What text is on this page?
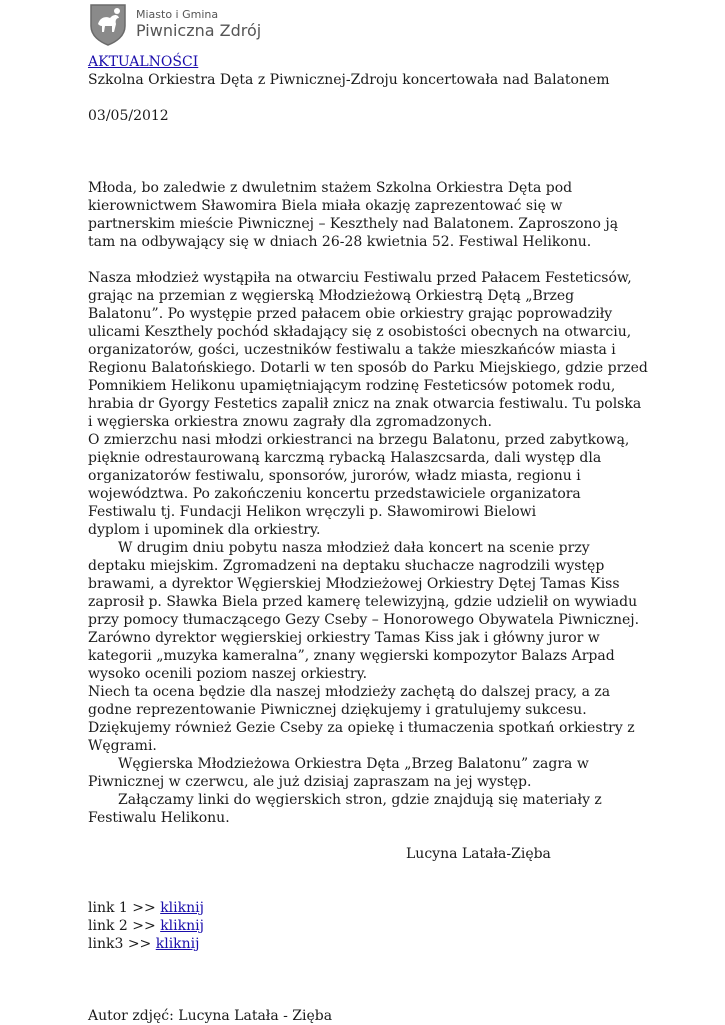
Miasto i Gmina
Piwniczna Zdrój
AKTUALNOŚCI

Szkolna Orkiestra Dęta z Piwnicznej-Zdroju koncertowała nad Balatonem

03/05/2012

Młoda, bo zaledwie z dwuletnim stażem Szkolna Orkiestra Dęta pod kierownictwem Sławomira Biela miała okazję zaprezentować się w partnerskim mieście Piwnicznej – Keszthely nad Balatonem. Zaproszono ją tam na odbywający się w dniach 26-28 kwietnia 52. Festiwal Helikonu.

Nasza młodzież wystąpiła na otwarciu Festiwalu przed Pałacem Festeticsów, grając na przemian z węgierską Młodzieżową Orkiestrą Dętą „Brzeg Balatonu”. Po występie przed pałacem obie orkiestry grając poprowadziły ulicami Keszthely pochód składający się z osobistości obecnych na otwarciu, organizatorów, gości, uczestników festiwalu a także mieszkańców miasta i Regionu Balatońskiego. Dotarli w ten sposób do Parku Miejskiego, gdzie przed Pomnikiem Helikonu upamiętniającym rodzinę Festeticsów potomek rodu, hrabia dr Gyorgy Festetics zapalił znicz na znak otwarcia festiwalu. Tu polska i węgierska orkiestra znowu zagrały dla zgromadzonych.

O zmierzchu nasi młodzi orkiestranci na brzegu Balatonu, przed zabytkową, pięknie odrestaurowaną karczmą rybacką Halaszcsarda, dali występ dla organizatorów festiwalu, sponsorów, jurorów, władz miasta, regionu i województwa. Po zakończeniu koncertu przedstawiciele organizatora Festiwalu tj. Fundacji Helikon wręczyli p. Sławomirowi Bielowi

dyplom i upominek dla orkiestry.

W drugim dniu pobytu nasza młodzież dała koncert na scenie przy deptaku miejskim. Zgromadzeni na deptaku słuchacze nagrodzili występ brawami, a dyrektor Węgierskiej Młodzieżowej Orkiestry Dętej Tamas Kiss zaprosił p. Sławka Biela przed kamerę telewizyjną, gdzie udzielił on wywiadu przy pomocy tłumaczącego Gezy Cseby – Honorowego Obywatela Piwnicznej.

Zarówno dyrektor węgierskiej orkiestry Tamas Kiss jak i główny juror w kategorii „muzyka kameralna”, znany węgierski kompozytor Balazs Arpad wysoko ocenili poziom naszej orkiestry.

Niech ta ocena będzie dla naszej młodzieży zachętą do dalszej pracy, a za godne reprezentowanie Piwnicznej dziękujemy i gratulujemy sukcesu.

Dziękujemy również Gezie Cseby za opiekę i tłumaczenia spotkań orkiestry z Węgrami.

Węgierska Młodzieżowa Orkiestra Dęta „Brzeg Balatonu” zagra w Piwnicznej w czerwcu, ale już dzisiaj zapraszam na jej występ.

Załączamy linki do węgierskich stron, gdzie znajdują się materiały z Festiwalu Helikonu.

Lucyna Latała-Zięba

link 1 >> kliknij
link 2 >> kliknij
link3 >> kliknij

Autor zdjęć: Lucyna Latała - Zięba
